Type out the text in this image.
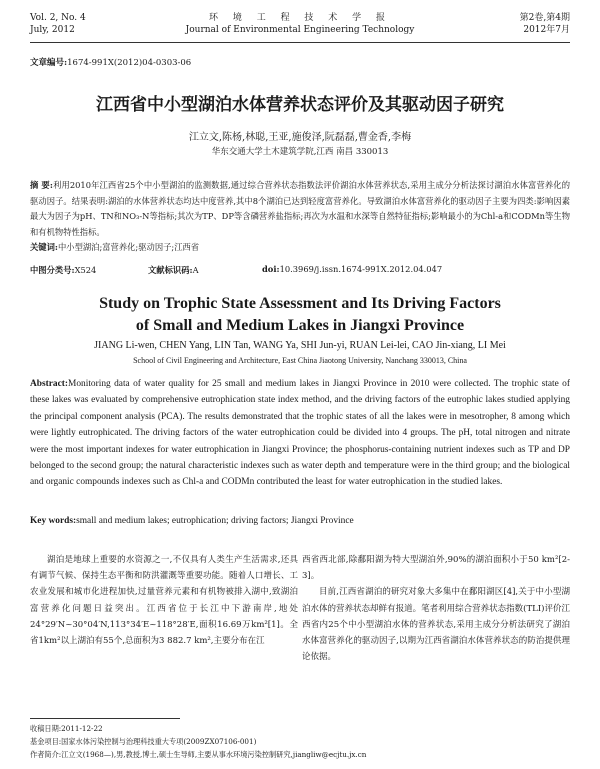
Vol. 2, No. 4
July, 2012
环 境 工 程 技 术 学 报
Journal of Environmental Engineering Technology
第2卷,第4期
2012年7月
文章编号:1674-991X(2012)04-0303-06
江西省中小型湖泊水体营养状态评价及其驱动因子研究
江立文,陈杨,林聪,王亚,施俊泽,阮磊磊,曹金香,李梅
华东交通大学土木建筑学院,江西 南昌 330013
摘 要:利用2010年江西省25个中小型湖泊的监测数据,通过综合营养状态指数法评价湖泊水体营养状态,采用主成分分析法探讨湖泊水体富营养化的驱动因子。结果表明:湖泊的水体营养状态均达中度营养,其中8个湖泊已达到轻度富营养化。导致湖泊水体富营养化的驱动因子主要为四类:影响因素最大为因子为pH、TN和NO₃-N等指标;其次为TP、DP等含磷营养盐指标;再次为水温和水深等自然特征指标;影响最小的为Chl-a和CODMn等生物和有机物特性指标。
关键词:中小型湖泊;富营养化;驱动因子;江西省
中图分类号:X524	文献标识码:A	doi:10.3969/j.issn.1674-991X.2012.04.047
Study on Trophic State Assessment and Its Driving Factors
of Small and Medium Lakes in Jiangxi Province
JIANG Li-wen, CHEN Yang, LIN Tan, WANG Ya, SHI Jun-yi, RUAN Lei-lei, CAO Jin-xiang, LI Mei
School of Civil Engineering and Architecture, East China Jiaotong University, Nanchang 330013, China
Abstract:Monitoring data of water quality for 25 small and medium lakes in Jiangxi Province in 2010 were collected. The trophic state of these lakes was evaluated by comprehensive eutrophication state index method, and the driving factors of the eutrophic lakes studied applying the principal component analysis (PCA). The results demonstrated that the trophic states of all the lakes were in mesotropher, 8 among which were lightly eutrophicated. The driving factors of the water eutrophication could be divided into 4 groups. The pH, total nitrogen and nitrate were the most important indexes for water eutrophication in Jiangxi Province; the phosphorus-containing nutrient indexes such as TP and DP belonged to the second group; the natural characteristic indexes such as water depth and temperature were in the third group; and the biological and organic compounds indexes such as Chl-a and CODMn contributed the least for water eutrophication in the studied lakes.
Key words:small and medium lakes; eutrophication; driving factors; Jiangxi Province

湖泊是地球上重要的水资源之一,不仅具有人类生产生活需求,还具有调节气候、保持生态平衡和防洪灌溉等重要功能。随着人口增长、工农业发展和城市化进程加快,过量营养元素和有机物被排入湖中,致湖泊富营养化问题日益突出。江西省位于长江中下游南岸,地处24°29′N~30°04′N,113°34′E~118°28′E,面积16.69万km²[1]。全省1km²以上湖泊有55个,总面积为3 882.7 km²,主要分布在江

西省西北部,除鄱阳湖为特大型湖泊外,90%的湖泊面积小于50 km²[2-3]。

目前,江西省湖泊的研究对象大多集中在鄱阳湖区[4],关于中小型湖泊水体的营养状态却鲜有报道。笔者利用综合营养状态指数(TLI)评价江西省内25个中小型湖泊水体的营养状态,采用主成分分析法研究了湖泊水体富营养化的驱动因子,以期为江西省湖泊水体营养状态的防治提供理论依据。

收稿日期:2011-12-22
基金项目:国家水体污染控制与治理科技重大专项(2009ZX07106-001)
作者简介:江立文(1968—),男,教授,博士,硕士生导师,主要从事水环境污染控制研究,jiangliw@ecjtu.jx.cn
